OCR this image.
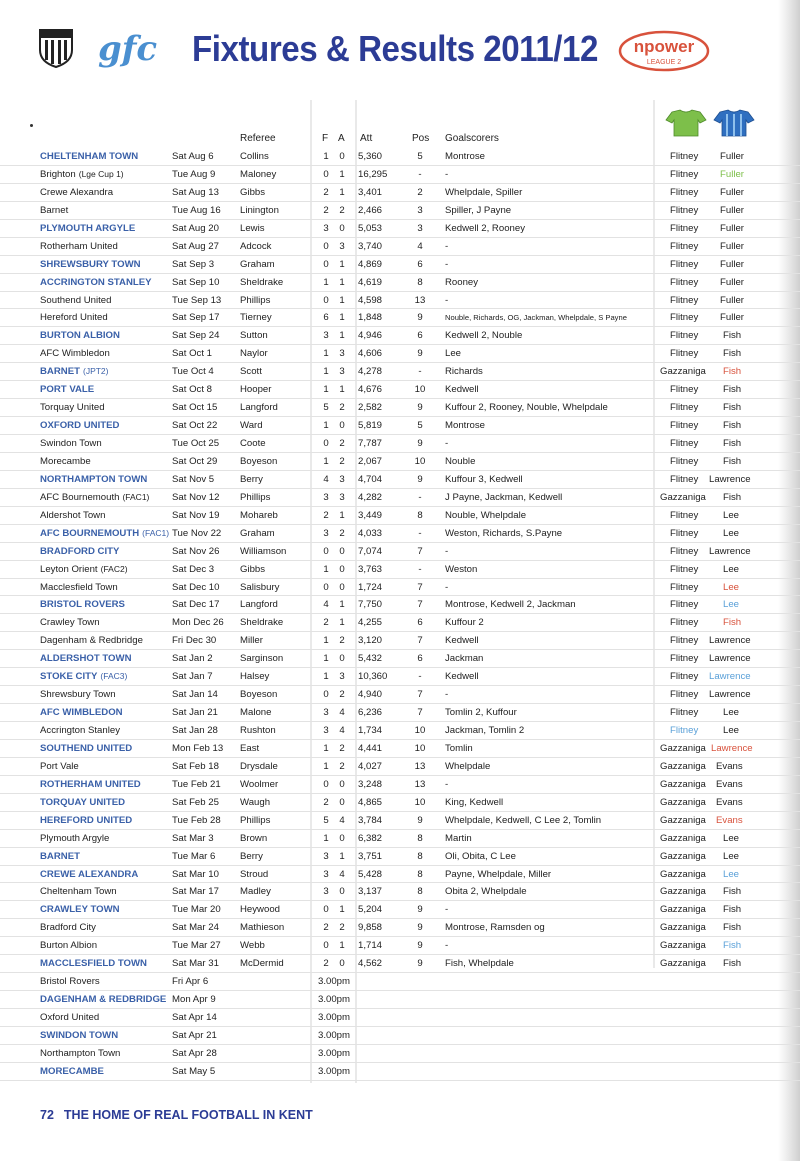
gfc Fixtures & Results 2011/12 npower
LEAGUE 2
Referee	F A Att	Pos Goalscorers
CHELTENHAM TOWN	Sat Aug 6	Collins	1 0 5,360	5	Montrose	Flitney Fuller
Brighton (Lge Cup 1)	Tue Aug 9	Maloney	0 1 16,295	-	-	Flitney Fuller
Crewe Alexandra	Sat Aug 13 Gibbs	2 1 3,401	2	Whelpdale, Spiller	Flitney Fuller
Barnet	Tue Aug 16 Linington	2 2 2,466	3	Spiller, J Payne	Flitney Fuller
PLYMOUTH ARGYLE	Sat Aug 20 Lewis	3 0 5,053	3	Kedwell 2, Rooney	Flitney Fuller
Rotherham United	Sat Aug 27 Adcock	0 3 3,740	4	-	Flitney Fuller
SHREWSBURY TOWN	Sat Sep 3	Graham	0 1 4,869	6	-	Flitney Fuller
ACCRINGTON STANLEY Sat Sep 10 Sheldrake	1 1 4,619	8	Rooney	Flitney Fuller
Southend United	Tue Sep 13 Phillips	0 1 4,598	13 -	Flitney Fuller
Hereford United	Sat Sep 17 Tierney	6 1 1,848	9	Nouble, Richards, OG, Jackman, Whelpdale, S Payne	Flitney Fuller
BURTON ALBION	Sat Sep 24 Sutton	3 1 4,946	6	Kedwell 2, Nouble	Flitney	Fish
AFC Wimbledon	Sat Oct 1	Naylor	1 3 4,606	9	Lee	Flitney	Fish
BARNET (JPT2)	Tue Oct 4	Scott	1 3 4,278	-	Richards	Gazzaniga Fish
PORT VALE	Sat Oct 8	Hooper	1 1 4,676	10 Kedwell	Flitney	Fish
Torquay United	Sat Oct 15 Langford	5 2 2,582	9	Kuffour 2, Rooney, Nouble, Whelpdale	Flitney	Fish
OXFORD UNITED	Sat Oct 22 Ward	1 0 5,819	5	Montrose	Flitney	Fish
Swindon Town	Tue Oct 25 Coote	0 2 7,787	9	-	Flitney	Fish
Morecambe	Sat Oct 29 Boyeson	1 2 2,067	10 Nouble	Flitney	Fish
NORTHAMPTON TOWN	Sat Nov 5	Berry	4 3 4,704	9	Kuffour 3, Kedwell	Flitney Lawrence
AFC Bournemouth (FAC1) Sat Nov 12 Phillips	3 3 4,282	-	J Payne, Jackman, Kedwell	Gazzaniga Fish
Aldershot Town	Sat Nov 19 Mohareb	2 1 3,449	8	Nouble, Whelpdale	Flitney	Lee
AFC BOURNEMOUTH (FAC1) Tue Nov 22 Graham	3 2 4,033	-	Weston, Richards, S.Payne	Flitney	Lee
BRADFORD CITY	Sat Nov 26 Williamson	0 0 7,074	7	-	Flitney Lawrence
Leyton Orient (FAC2)	Sat Dec 3	Gibbs	1 0 3,763	-	Weston	Flitney	Lee
Macclesfield Town	Sat Dec 10 Salisbury	0 0 1,724	7	-	Flitney	Lee
BRISTOL ROVERS	Sat Dec 17 Langford	4 1 7,750	7	Montrose, Kedwell 2, Jackman	Flitney	Lee
Crawley Town	Mon Dec 26 Sheldrake	2 1 4,255	6	Kuffour 2	Flitney	Fish
Dagenham & Redbridge	Fri Dec 30 Miller	1 2 3,120	7	Kedwell	Flitney Lawrence
ALDERSHOT TOWN	Sat Jan 2	Sarginson	1 0 5,432	6	Jackman	Flitney Lawrence
STOKE CITY (FAC3)	Sat Jan 7	Halsey	1 3 10,360	-	Kedwell	Flitney Lawrence
Shrewsbury Town	Sat Jan 14 Boyeson	0 2 4,940	7	-	Flitney Lawrence
AFC WIMBLEDON	Sat Jan 21 Malone	3 4 6,236	7	Tomlin 2, Kuffour	Flitney	Lee
Accrington Stanley	Sat Jan 28 Rushton	3 4 1,734	10 Jackman, Tomlin 2	Flitney	Lee
SOUTHEND UNITED	Mon Feb 13 East	1 2 4,441	10 Tomlin	Gazzaniga Lawrence
Port Vale	Sat Feb 18 Drysdale	1 2 4,027	13 Whelpdale	Gazzaniga Evans
ROTHERHAM UNITED	Tue Feb 21 Woolmer	0 0 3,248	13 -	Gazzaniga Evans
TORQUAY UNITED	Sat Feb 25 Waugh	2 0 4,865	10 King, Kedwell	Gazzaniga Evans
HEREFORD UNITED	Tue Feb 28 Phillips	5 4 3,784	9	Whelpdale, Kedwell, C Lee 2, Tomlin	Gazzaniga Evans
Plymouth Argyle	Sat Mar 3	Brown	1 0 6,382	8	Martin	Gazzaniga Lee
BARNET	Tue Mar 6	Berry	3 1 3,751	8	Oli, Obita, C Lee	Gazzaniga Lee
CREWE ALEXANDRA	Sat Mar 10 Stroud	3 4 5,428	8	Payne, Whelpdale, Miller	Gazzaniga Lee
Cheltenham Town	Sat Mar 17 Madley	3 0 3,137	8	Obita 2, Whelpdale	Gazzaniga Fish
CRAWLEY TOWN	Tue Mar 20 Heywood	0 1 5,204	9	-	Gazzaniga Fish
Bradford City	Sat Mar 24 Mathieson	2 2 9,858	9	Montrose, Ramsden og	Gazzaniga Fish
Burton Albion	Tue Mar 27 Webb	0 1 1,714	9	-	Gazzaniga Fish
MACCLESFIELD TOWN	Sat Mar 31 McDermid	2 0 4,562	9	Fish, Whelpdale	Gazzaniga Fish
Bristol Rovers	Fri Apr 6	3.00pm
DAGENHAM & REDBRIDGE Mon Apr 9	3.00pm
Oxford United	Sat Apr 14	3.00pm
SWINDON TOWN	Sat Apr 21	3.00pm
Northampton Town	Sat Apr 28	3.00pm
MORECAMBE	Sat May 5	3.00pm
72 THE HOME OF REAL FOOTBALL IN KENT
